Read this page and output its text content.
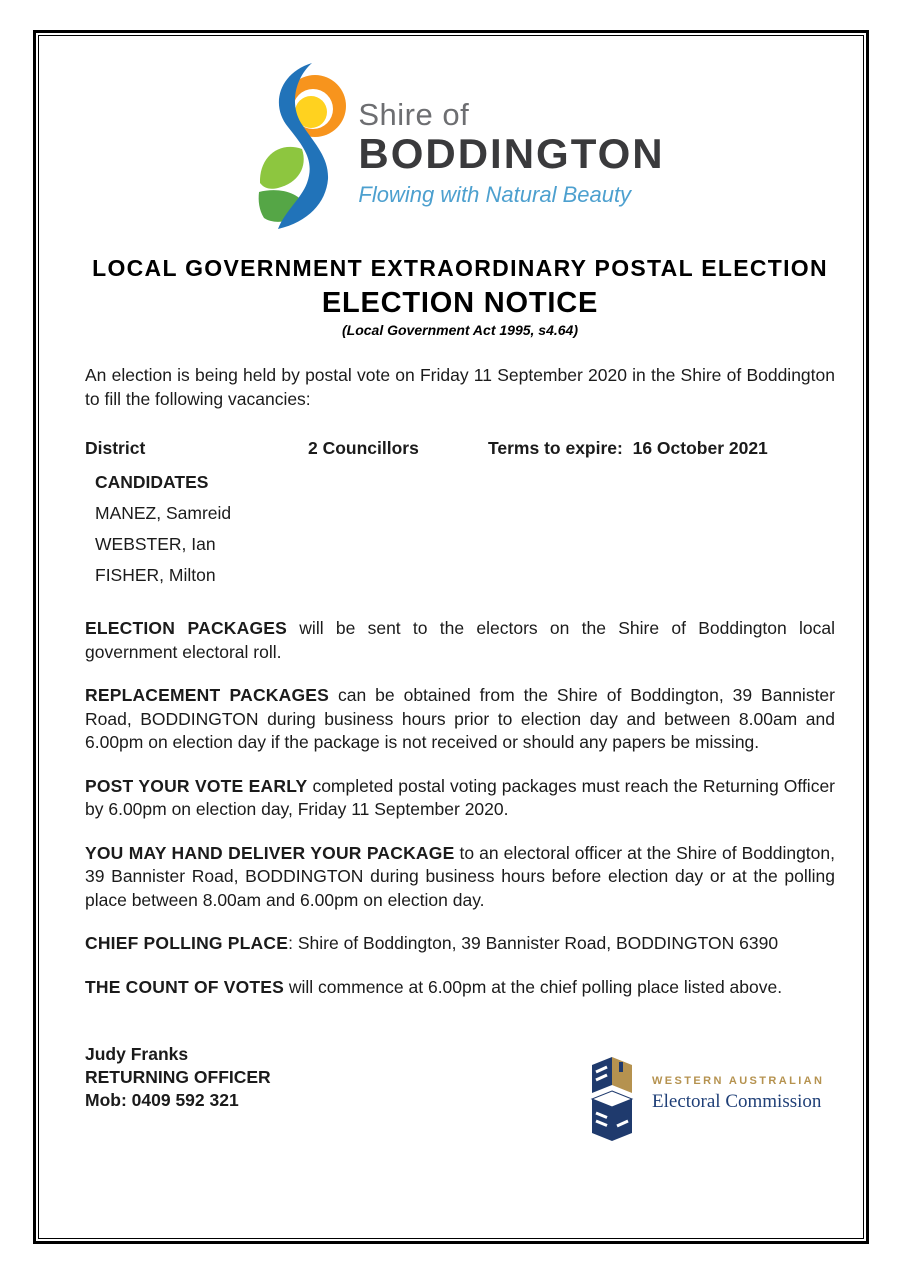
Shire of
BODDINGTON
Flowing with Natural Beauty
LOCAL GOVERNMENT EXTRAORDINARY POSTAL ELECTION
ELECTION NOTICE
(Local Government Act 1995, s4.64)

An election is being held by postal vote on Friday 11 September 2020 in the Shire of Boddington to fill the following vacancies:

District	2 Councillors	Terms to expire:  16 October 2021
CANDIDATES
MANEZ, Samreid
WEBSTER, Ian
FISHER, Milton

ELECTION PACKAGES will be sent to the electors on the Shire of Boddington local government electoral roll.

REPLACEMENT PACKAGES can be obtained from the Shire of Boddington, 39 Bannister Road, BODDINGTON during business hours prior to election day and between 8.00am and 6.00pm on election day if the package is not received or should any papers be missing.

POST YOUR VOTE EARLY completed postal voting packages must reach the Returning Officer by 6.00pm on election day, Friday 11 September 2020.

YOU MAY HAND DELIVER YOUR PACKAGE to an electoral officer at the Shire of Boddington, 39 Bannister Road, BODDINGTON during business hours before election day or at the polling place between 8.00am and 6.00pm on election day.

CHIEF POLLING PLACE: Shire of Boddington, 39 Bannister Road, BODDINGTON 6390

THE COUNT OF VOTES will commence at 6.00pm at the chief polling place listed above.

Judy Franks
RETURNING OFFICER
Mob: 0409 592 321
WESTERN AUSTRALIAN
Electoral Commission
